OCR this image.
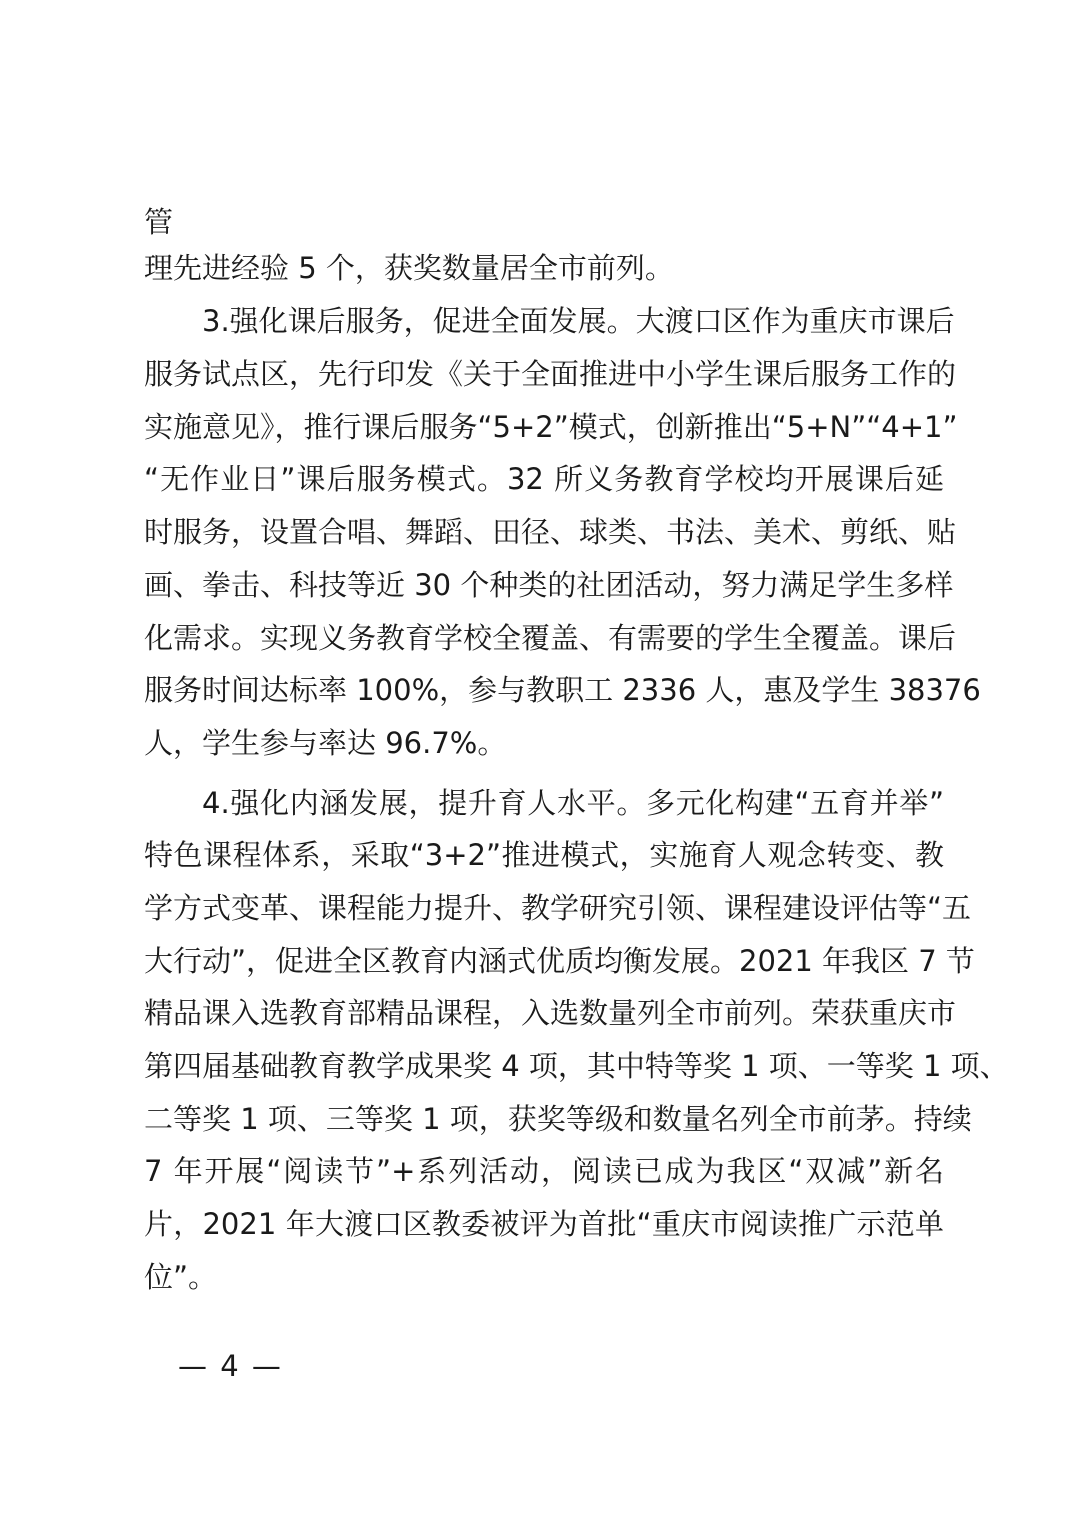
管
理先进经验 5 个，获奖数量居全市前列。
3.强化课后服务，促进全面发展。大渡口区作为重庆市课后
服务试点区，先行印发《关于全面推进中小学生课后服务工作的
实施意见》，推行课后服务“5+2”模式，创新推出“5+N”“4+1”
“无作业日”课后服务模式。32 所义务教育学校均开展课后延
时服务，设置合唱、舞蹈、田径、球类、书法、美术、剪纸、贴
画、拳击、科技等近 30 个种类的社团活动，努力满足学生多样
化需求。实现义务教育学校全覆盖、有需要的学生全覆盖。课后
服务时间达标率 100%，参与教职工 2336 人，惠及学生 38376
人，学生参与率达 96.7%。
4.强化内涵发展，提升育人水平。多元化构建“五育并举”
特色课程体系，采取“3+2”推进模式，实施育人观念转变、教
学方式变革、课程能力提升、教学研究引领、课程建设评估等“五
大行动”，促进全区教育内涵式优质均衡发展。2021 年我区 7 节
精品课入选教育部精品课程，入选数量列全市前列。荣获重庆市
第四届基础教育教学成果奖 4 项，其中特等奖 1 项、一等奖 1 项、
二等奖 1 项、三等奖 1 项，获奖等级和数量名列全市前茅。持续
7 年开展“阅读节”+系列活动，阅读已成为我区“双减”新名
片，2021 年大渡口区教委被评为首批“重庆市阅读推广示范单
位”。
— 4 —
